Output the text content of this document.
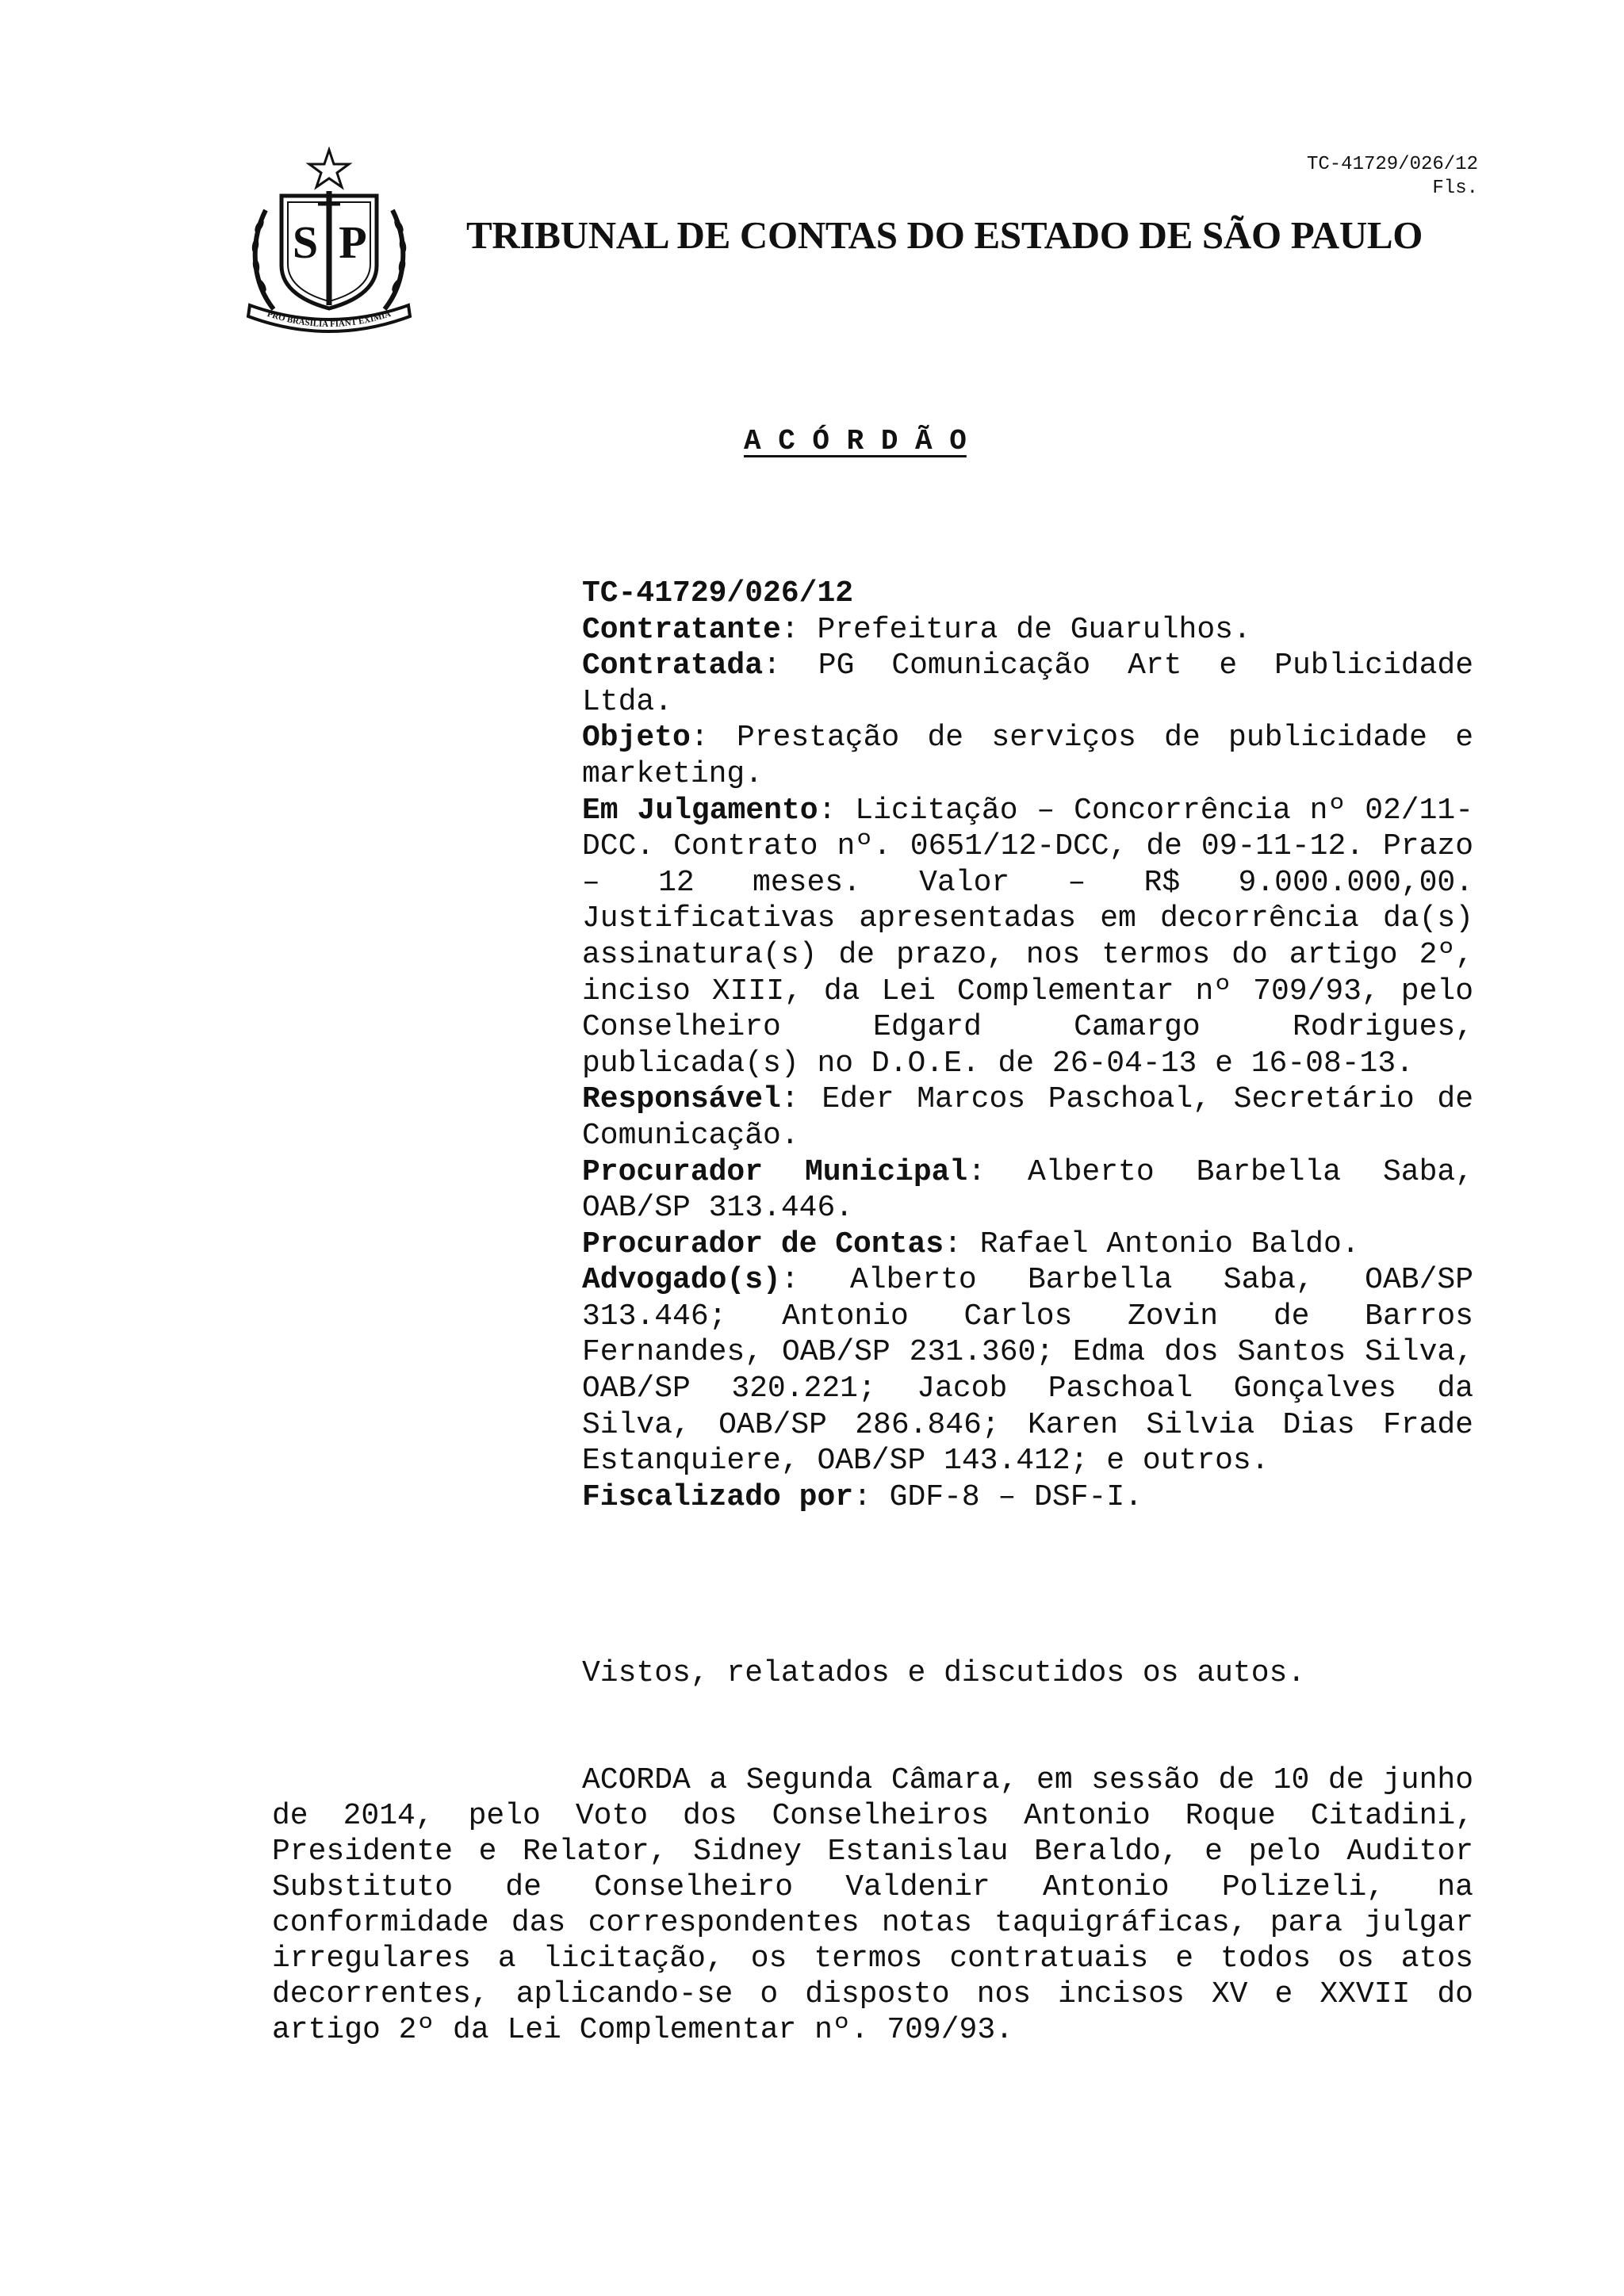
S P
PRO BRASILIA FIANT EXIMIA
TC-41729/026/12
Fls.
TRIBUNAL DE CONTAS DO ESTADO DE SÃO PAULO
A C Ó R D Ã O

TC-41729/026/12

Contratante: Prefeitura de Guarulhos.

Contratada: PG Comunicação Art e Publicidade Ltda.

Objeto: Prestação de serviços de publicidade e marketing.

Em Julgamento: Licitação – Concorrência nº 02/11-DCC. Contrato nº. 0651/12-DCC, de 09-11-12. Prazo – 12 meses. Valor – R$ 9.000.000,00. Justificativas apresentadas em decorrência da(s) assinatura(s) de prazo, nos termos do artigo 2º, inciso XIII, da Lei Complementar nº 709/93, pelo Conselheiro Edgard Camargo Rodrigues, publicada(s) no D.O.E. de 26-04-13 e 16-08-13.

Responsável: Eder Marcos Paschoal, Secretário de Comunicação.

Procurador Municipal: Alberto Barbella Saba, OAB/SP 313.446.

Procurador de Contas: Rafael Antonio Baldo.

Advogado(s): Alberto Barbella Saba, OAB/SP 313.446; Antonio Carlos Zovin de Barros Fernandes, OAB/SP 231.360; Edma dos Santos Silva, OAB/SP 320.221; Jacob Paschoal Gonçalves da Silva, OAB/SP 286.846; Karen Silvia Dias Frade Estanquiere, OAB/SP 143.412; e outros.

Fiscalizado por: GDF-8 – DSF-I.

Vistos, relatados e discutidos os autos.

ACORDA a Segunda Câmara, em sessão de 10 de junho de 2014, pelo Voto dos Conselheiros Antonio Roque Citadini, Presidente e Relator, Sidney Estanislau Beraldo, e pelo Auditor Substituto de Conselheiro Valdenir Antonio Polizeli, na conformidade das correspondentes notas taquigráficas, para julgar irregulares a licitação, os termos contratuais e todos os atos decorrentes, aplicando-se o disposto nos incisos XV e XXVII do artigo 2º da Lei Complementar nº. 709/93.
